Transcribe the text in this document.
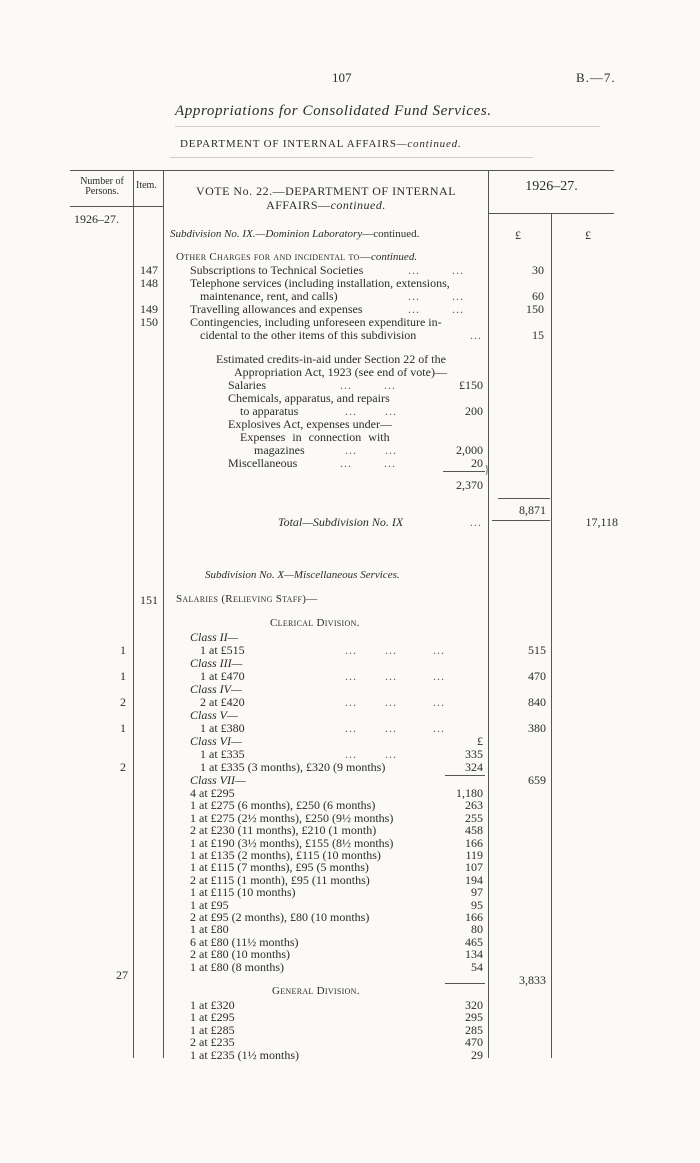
107	B.—7.
Appropriations for Consolidated Fund Services.
DEPARTMENT OF INTERNAL AFFAIRS—continued.
Number of Persons.
Item.	VOTE No. 22.—DEPARTMENT OF INTERNAL
AFFAIRS—continued.
1926–27.
1926–27.
£	£
Subdivision No. IX.—Dominion Laboratory—continued.
Other Charges for and incidental to—continued.
147	Subscriptions to Technical Societies	...        ...	30
148	Telephone services (including installation, extensions,
maintenance, rent, and calls)	...        ...	60
149	Travelling allowances and expenses	...        ...	150
150	Contingencies, including unforeseen expenditure in-
cidental to the other items of this subdivision	...	15
Estimated credits-in-aid under Section 22 of the
Appropriation Act, 1923 (see end of vote)—
Salaries	...        ...	£150
Chemicals, apparatus, and repairs
to apparatus	...       ...	200
Explosives Act, expenses under—
Expenses in connection with
magazines	...       ...	2,000
Miscellaneous	...        ...	20 }
2,370
8,871
Total—Subdivision No. IX	...	17,118
Subdivision No. X—Miscellaneous Services.
151 Salaries (Relieving Staff)—
Clerical Division.
Class II—
1	1 at £515	...       ...         ...	515
Class III—
1	1 at £470	...       ...         ...	470
Class IV—
2	2 at £420	...       ...         ...	840
Class V—
1	1 at £380	...       ...         ...	380
Class VI—	£
1 at £335	...       ...	335
2	1 at £335 (3 months), £320 (9 months)	324
659
Class VII—
4 at £295	1,180
1 at £275 (6 months), £250 (6 months)	263
1 at £275 (2½ months), £250 (9½ months)	255
2 at £230 (11 months), £210 (1 month)	458
1 at £190 (3½ months), £155 (8½ months)	166
1 at £135 (2 months), £115 (10 months)	119
1 at £115 (7 months), £95 (5 months)	107
2 at £115 (1 month), £95 (11 months)	194
1 at £115 (10 months)	97
1 at £95	95
2 at £95 (2 months), £80 (10 months)	166
1 at £80	80
6 at £80 (11½ months)	465
2 at £80 (10 months)	134
1 at £80 (8 months)	54
27	3,833
General Division.
1 at £320	320
1 at £295	295
1 at £285	285
2 at £235	470
1 at £235 (1½ months)	29
